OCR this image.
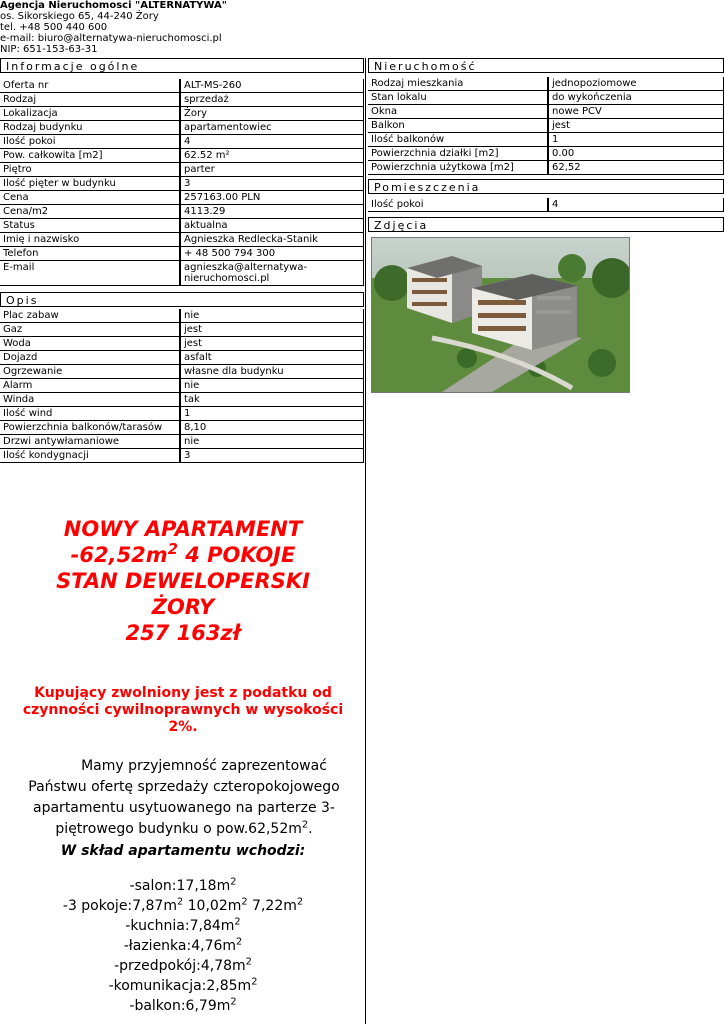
Agencja Nieruchomosci "ALTERNATYWA"
os. Sikorskiego 65, 44-240 Żory
tel. +48 500 440 600
e-mail: biuro@alternatywa-nieruchomosci.pl
NIP: 651-153-63-31
Informacje ogólne
Oferta nr	ALT-MS-260
Rodzaj	sprzedaż
Lokalizacja	Żory
Rodzaj budynku	apartamentowiec
Ilość pokoi	4
Pow. całkowita [m2]	62.52 m²
Piętro	parter
Ilość pięter w budynku	3
Cena	257163.00 PLN
Cena/m2	4113.29
Status	aktualna
Imię i nazwisko	Agnieszka Redlecka-Stanik
Telefon	+ 48 500 794 300
E-mail	agnieszka@alternatywa-nieruchomosci.pl
Opis
Plac zabaw	nie
Gaz	jest
Woda	jest
Dojazd	asfalt
Ogrzewanie	własne dla budynku
Alarm	nie
Winda	tak
Ilość wind	1
Powierzchnia balkonów/tarasów	8,10
Drzwi antywłamaniowe	nie
Ilość kondygnacji	3
Nieruchomość
Rodzaj mieszkania	jednopoziomowe
Stan lokalu	do wykończenia
Okna	nowe PCV
Balkon	jest
Ilość balkonów	1
Powierzchnia działki [m2]	0.00
Powierzchnia użytkowa [m2]	62,52
Pomieszczenia
Ilość pokoi	4
Zdjęcia
NOWY APARTAMENT
$-62,52m^2$ 4 POKOJE
STAN DEWELOPERSKI
ŻORY
257 163zł
Kupujący zwolniony jest z podatku od czynności cywilnoprawnych w wysokości 2%.
Mamy przyjemność zaprezentować Państwu ofertę sprzedaży czteropokojowego apartamentu usytuowanego na parterze 3-piętrowego budynku o $pow.62,52m^2$.
W skład apartamentu wchodzi:
$-salon:17,18m^2$
-3 $pokoje:7,87m^2$ $10,02m^2$ $7,22m^2$
$-kuchnia:7,84m^2$
$-łazienka:4,76m^2$
$-przedpokój:4,78m^2$
$-komunikacja:2,85m^2$
$-balkon:6,79m^2$
